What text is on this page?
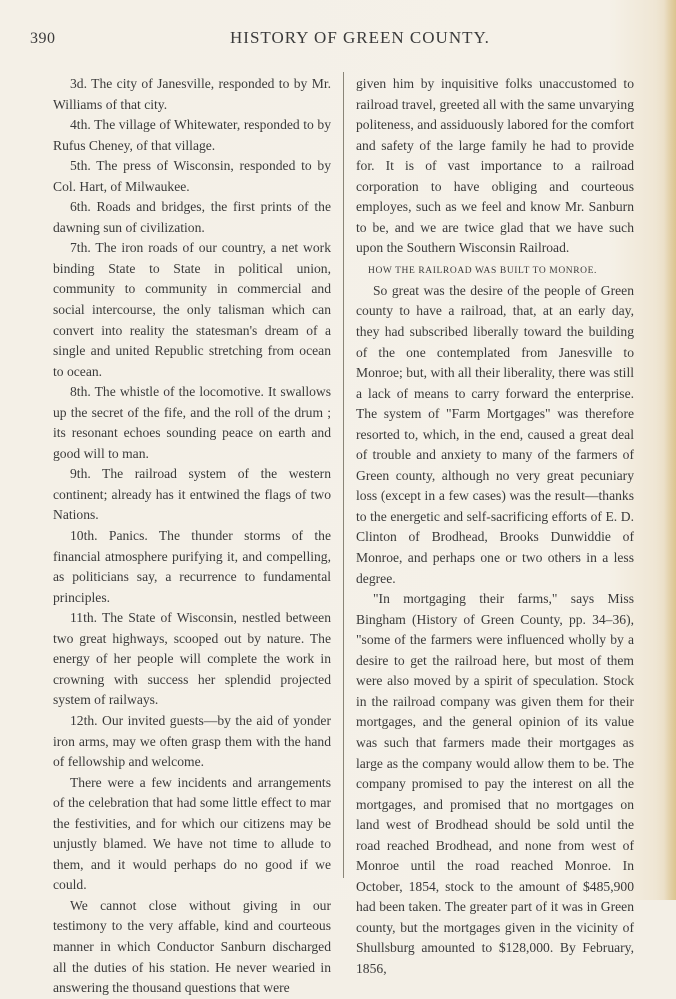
390	HISTORY OF GREEN COUNTY.

3d. The city of Janesville, responded to by Mr. Williams of that city.

4th. The village of Whitewater, responded to by Rufus Cheney, of that village.

5th. The press of Wisconsin, responded to by Col. Hart, of Milwaukee.

6th. Roads and bridges, the first prints of the dawning sun of civilization.

7th. The iron roads of our country, a net work binding State to State in political union, community to community in commercial and social intercourse, the only talisman which can convert into reality the statesman's dream of a single and united Republic stretching from ocean to ocean.

8th. The whistle of the locomotive. It swallows up the secret of the fife, and the roll of the drum ; its resonant echoes sounding peace on earth and good will to man.

9th. The railroad system of the western continent; already has it entwined the flags of two Nations.

10th. Panics. The thunder storms of the financial atmosphere purifying it, and compelling, as politicians say, a recurrence to fundamental principles.

11th. The State of Wisconsin, nestled between two great highways, scooped out by nature. The energy of her people will complete the work in crowning with success her splendid projected system of railways.

12th. Our invited guests—by the aid of yonder iron arms, may we often grasp them with the hand of fellowship and welcome.

There were a few incidents and arrangements of the celebration that had some little effect to mar the festivities, and for which our citizens may be unjustly blamed. We have not time to allude to them, and it would perhaps do no good if we could.

We cannot close without giving in our testimony to the very affable, kind and courteous manner in which Conductor Sanburn discharged all the duties of his station. He never wearied in answering the thousand questions that were

given him by inquisitive folks unaccustomed to railroad travel, greeted all with the same unvarying politeness, and assiduously labored for the comfort and safety of the large family he had to provide for. It is of vast importance to a railroad corporation to have obliging and courteous employes, such as we feel and know Mr. Sanburn to be, and we are twice glad that we have such upon the Southern Wisconsin Railroad.

HOW THE RAILROAD WAS BUILT TO MONROE.

So great was the desire of the people of Green county to have a railroad, that, at an early day, they had subscribed liberally toward the building of the one contemplated from Janesville to Monroe; but, with all their liberality, there was still a lack of means to carry forward the enterprise. The system of "Farm Mortgages" was therefore resorted to, which, in the end, caused a great deal of trouble and anxiety to many of the farmers of Green county, although no very great pecuniary loss (except in a few cases) was the result—thanks to the energetic and self-sacrificing efforts of E. D. Clinton of Brodhead, Brooks Dunwiddie of Monroe, and perhaps one or two others in a less degree.

"In mortgaging their farms," says Miss Bingham (History of Green County, pp. 34–36), "some of the farmers were influenced wholly by a desire to get the railroad here, but most of them were also moved by a spirit of speculation. Stock in the railroad company was given them for their mortgages, and the general opinion of its value was such that farmers made their mortgages as large as the company would allow them to be. The company promised to pay the interest on all the mortgages, and promised that no mortgages on land west of Brodhead should be sold until the road reached Brodhead, and none from west of Monroe until the road reached Monroe. In October, 1854, stock to the amount of $485,900 had been taken. The greater part of it was in Green county, but the mortgages given in the vicinity of Shullsburg amounted to $128,000. By February, 1856,
